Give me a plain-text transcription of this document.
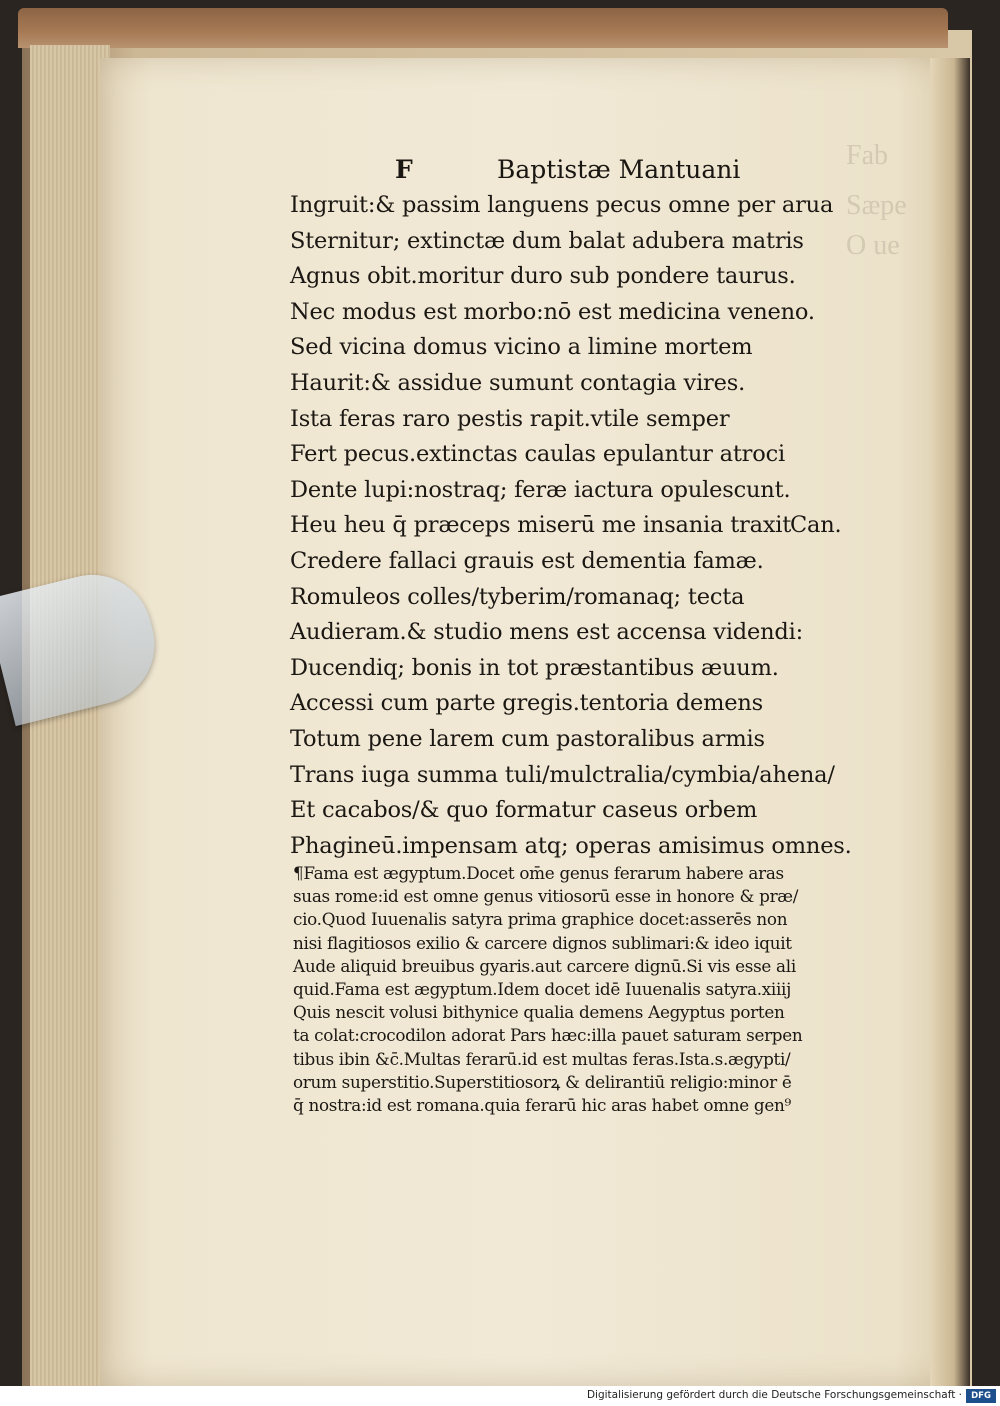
Fab
Sæpe
O ue
F	Baptistæ Mantuani
Ingruit:& passim languens pecus omne per arua
Sternitur; extinctæ dum balat adubera matris
Agnus obit.moritur duro sub pondere taurus.
Nec modus est morbo:nō est medicina veneno.
Sed vicina domus vicino a limine mortem
Haurit:& assidue sumunt contagia vires.
Ista feras raro pestis rapit.vtile semper
Fert pecus.extinctas caulas epulantur atroci
Dente lupi:nostraq; feræ iactura opulescunt.
Heu heu q̄ præceps miserū me insania traxit
Can.
Credere fallaci grauis est dementia famæ.
Romuleos colles/tyberim/romanaq; tecta
Audieram.& studio mens est accensa videndi:
Ducendiq; bonis in tot præstantibus æuum.
Accessi cum parte gregis.tentoria demens
Totum pene larem cum pastoralibus armis
Trans iuga summa tuli/mulctralia/cymbia/ahena/
Et cacabos/& quo formatur caseus orbem
Phagineū.impensam atq; operas amisimus omnes.
¶Fama est ægyptum.Docet om̄e genus ferarum habere aras
suas rome:id est omne genus vitiosorū esse in honore & præ/
cio.Quod Iuuenalis satyra prima graphice docet:asserēs non
nisi flagitiosos exilio & carcere dignos sublimari:& ideo iquit
Aude aliquid breuibus gyaris.aut carcere dignū.Si vis esse ali
quid.Fama est ægyptum.Idem docet idē Iuuenalis satyra.xiiij
Quis nescit volusi bithynice qualia demens Aegyptus porten
ta colat:crocodilon adorat Pars hæc:illa pauet saturam serpen
tibus ibin &c̄.Multas ferarū.id est multas feras.Ista.s.ægypti/
orum superstitio.Superstitiosorꝝ & delirantiū religio:minor ē
q̄ nostra:id est romana.quia ferarū hic aras habet omne gen⁹
Digitalisierung gefördert durch die Deutsche Forschungsgemeinschaft ·	DFG
